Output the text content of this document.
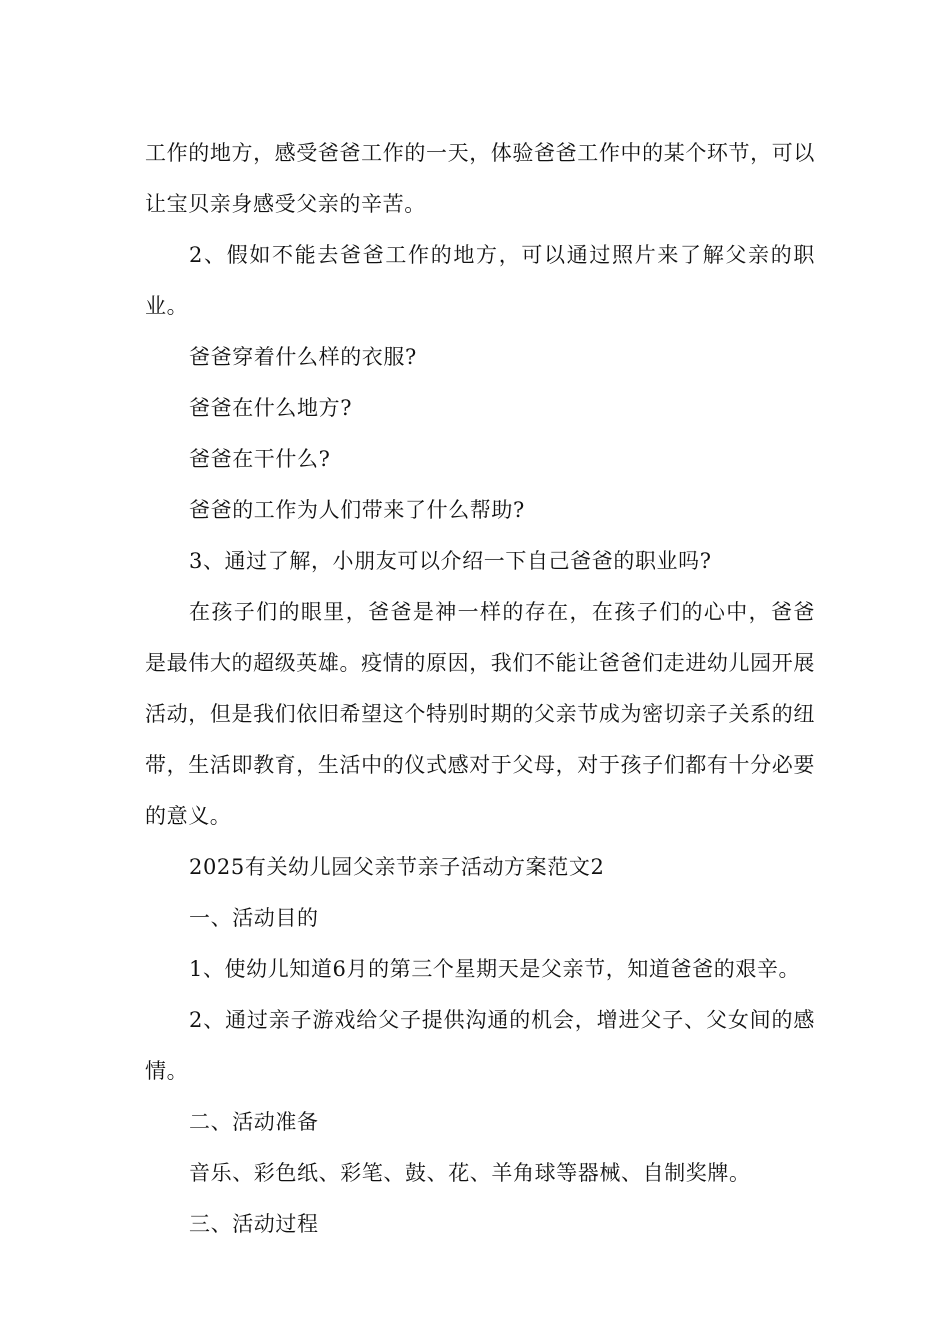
工作的地方，感受爸爸工作的一天，体验爸爸工作中的某个环节，可以让宝贝亲身感受父亲的辛苦。

2、假如不能去爸爸工作的地方，可以通过照片来了解父亲的职业。

爸爸穿着什么样的衣服?

爸爸在什么地方?

爸爸在干什么?

爸爸的工作为人们带来了什么帮助?

3、通过了解，小朋友可以介绍一下自己爸爸的职业吗?

在孩子们的眼里，爸爸是神一样的存在，在孩子们的心中，爸爸是最伟大的超级英雄。疫情的原因，我们不能让爸爸们走进幼儿园开展活动，但是我们依旧希望这个特别时期的父亲节成为密切亲子关系的纽带，生活即教育，生活中的仪式感对于父母，对于孩子们都有十分必要的意义。

2025有关幼儿园父亲节亲子活动方案范文2

一、活动目的

1、使幼儿知道6月的第三个星期天是父亲节，知道爸爸的艰辛。

2、通过亲子游戏给父子提供沟通的机会，增进父子、父女间的感情。

二、活动准备

音乐、彩色纸、彩笔、鼓、花、羊角球等器械、自制奖牌。

三、活动过程
